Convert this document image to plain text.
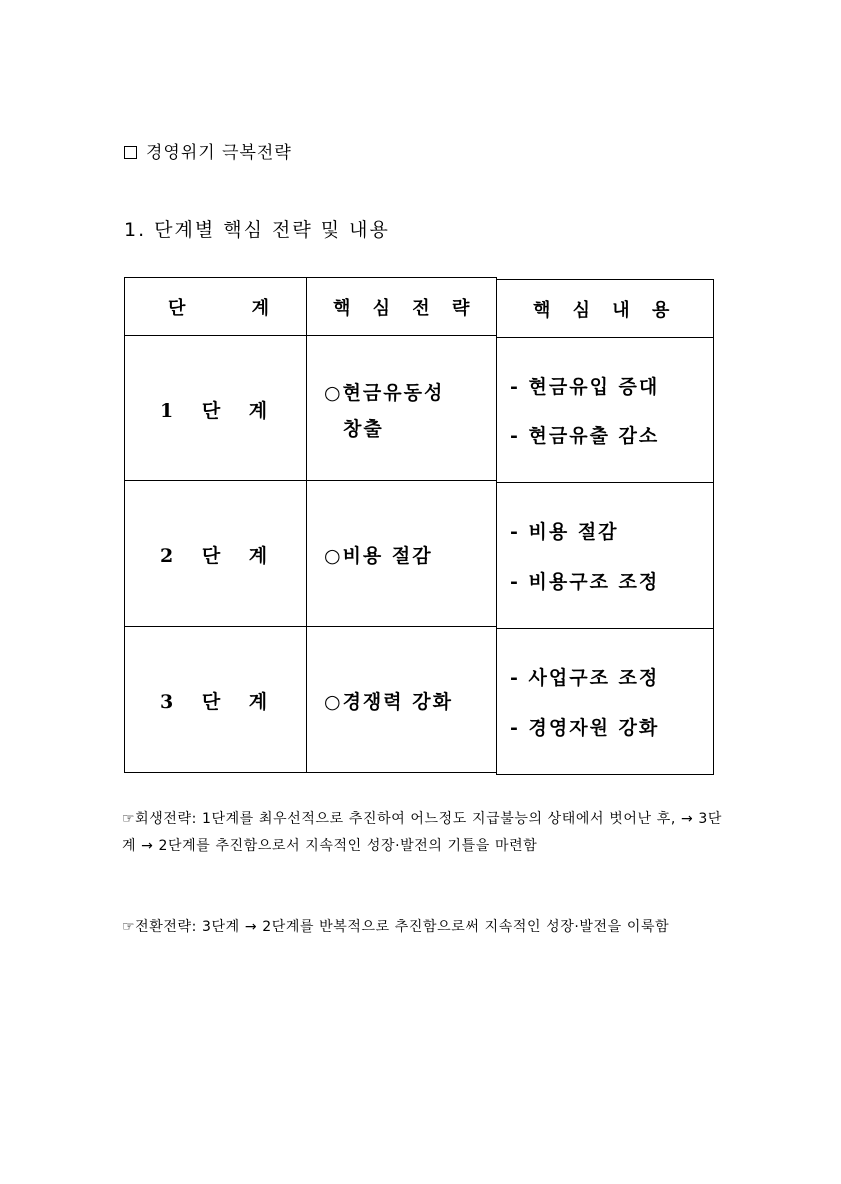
경영위기 극복전략
1. 단계별 핵심 전략 및 내용
단 계 핵 심 전 략	핵 심 내 용
1 단 계
○현금유동성
창출
- 현금유입 증대
- 현금유출 감소
2 단 계 ○비용 절감
- 비용 절감
- 비용구조 조정
3 단 계 ○경쟁력 강화
- 사업구조 조정
- 경영자원 강화
☞회생전략: 1단계를 최우선적으로 추진하여 어느정도 지급불능의 상태에서 벗어난 후, → 3단계 → 2단계를 추진함으로서 지속적인 성장·발전의 기틀을 마련함
☞전환전략: 3단계 → 2단계를 반복적으로 추진함으로써 지속적인 성장·발전을 이룩함
